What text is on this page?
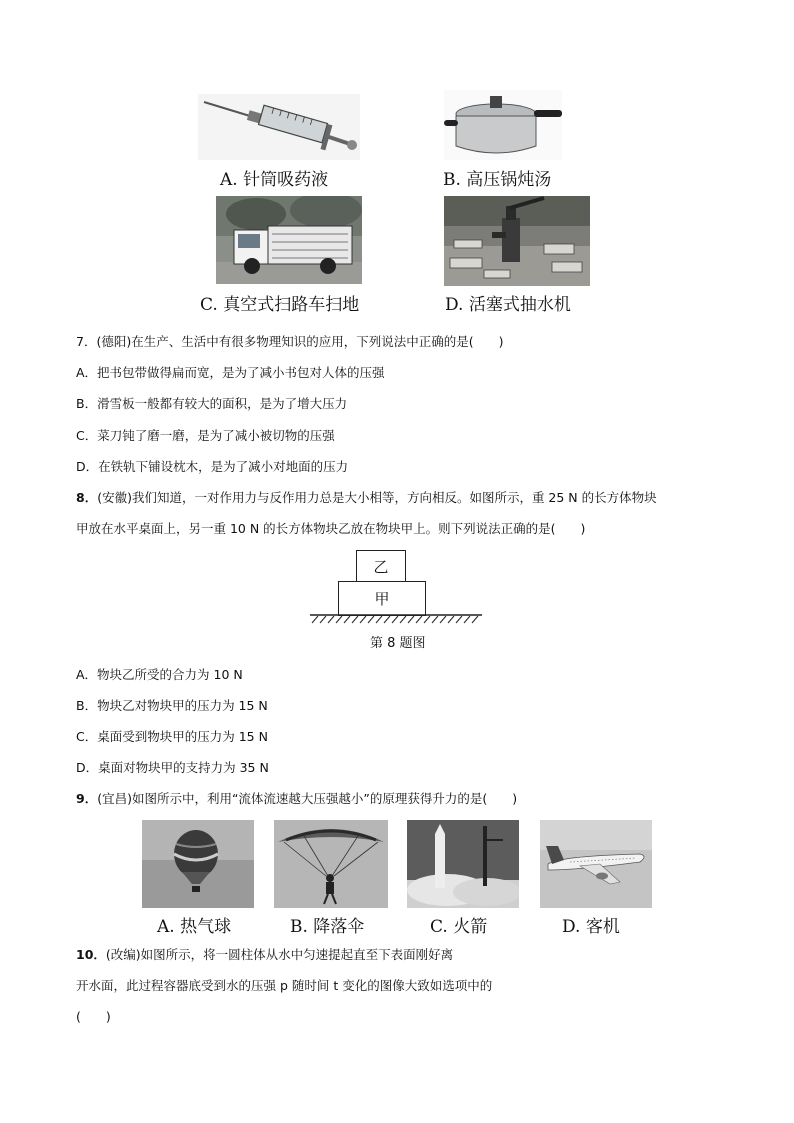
A. 针筒吸药液	B. 高压锅炖汤
C. 真空式扫路车扫地	D. 活塞式抽水机
7．(德阳)在生产、生活中有很多物理知识的应用，下列说法中正确的是(　　)
A．把书包带做得扁而宽，是为了减小书包对人体的压强
B．滑雪板一般都有较大的面积，是为了增大压力
C．菜刀钝了磨一磨，是为了减小被切物的压强
D．在铁轨下铺设枕木，是为了减小对地面的压力
8．(安徽)我们知道，一对作用力与反作用力总是大小相等，方向相反。如图所示，重 25 N 的长方体物块
甲放在水平桌面上，另一重 10 N 的长方体物块乙放在物块甲上。则下列说法正确的是(　　)
乙
甲
第 8 题图
A．物块乙所受的合力为 10 N
B．物块乙对物块甲的压力为 15 N
C．桌面受到物块甲的压力为 15 N
D．桌面对物块甲的支持力为 35 N
9．(宜昌)如图所示中，利用“流体流速越大压强越小”的原理获得升力的是(　　)
A. 热气球	B. 降落伞	C. 火箭	D. 客机
10．(改编)如图所示，将一圆柱体从水中匀速提起直至下表面刚好离
开水面，此过程容器底受到水的压强 p 随时间 t 变化的图像大致如选项中的
(　　)
